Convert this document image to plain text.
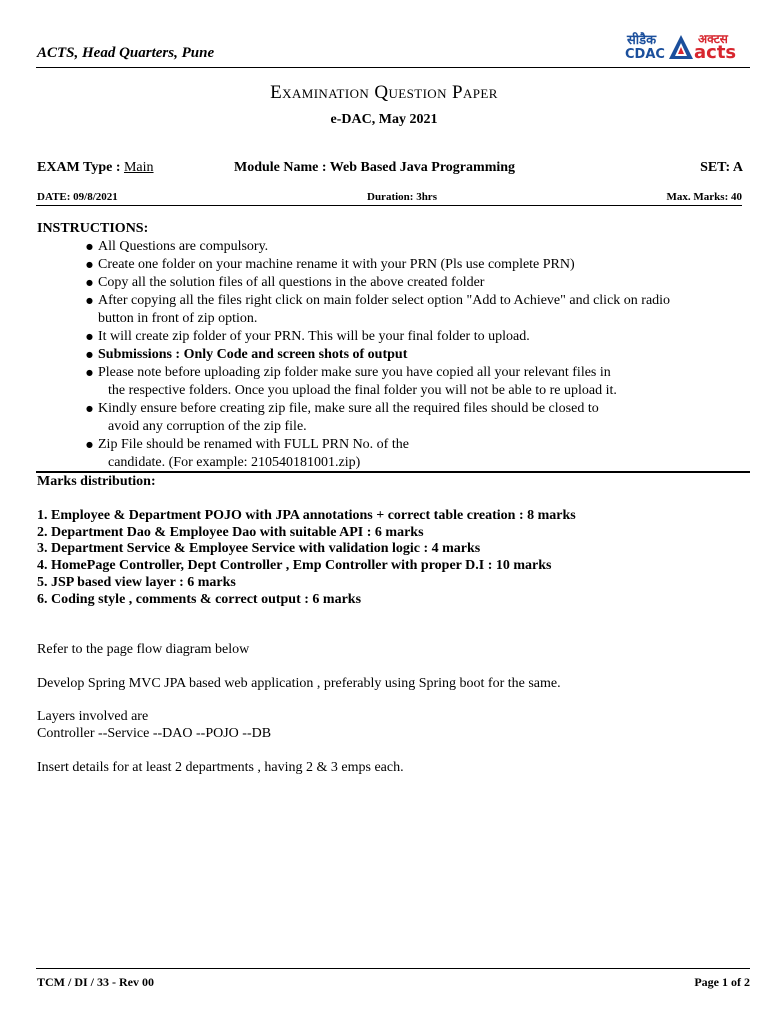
ACTS, Head Quarters, Pune
सीडैक
CDAC
अक्टस
acts
Examination Question Paper
e-DAC, May 2021
EXAM Type : Main	Module Name : Web Based Java Programming	SET: A
DATE: 09/8/2021	Duration: 3hrs	Max. Marks: 40
INSTRUCTIONS:
● All Questions are compulsory.
● Create one folder on your machine rename it with your PRN (Pls use complete PRN)
● Copy all the solution files of all questions in the above created folder
● After copying all the files right click on main folder select option "Add to Achieve" and click on radio
button in front of zip option.
● It will create zip folder of your PRN. This will be your final folder to upload.
● Submissions : Only Code and screen shots of output
● Please note before uploading zip folder make sure you have copied all your relevant files in
the respective folders. Once you upload the final folder you will not be able to re upload it.
● Kindly ensure before creating zip file, make sure all the required files should be closed to
avoid any corruption of the zip file.
● Zip File should be renamed with FULL PRN No. of the
candidate. (For example: 210540181001.zip)
Marks distribution:
1. Employee & Department POJO with JPA annotations + correct table creation : 8 marks
2. Department Dao & Employee Dao with suitable API : 6 marks
3. Department Service & Employee Service with validation logic : 4 marks
4. HomePage Controller, Dept Controller , Emp Controller with proper D.I : 10 marks
5. JSP based view layer : 6 marks
6. Coding style , comments & correct output : 6 marks
Refer to the page flow diagram below
Develop Spring MVC JPA based web application , preferably using Spring boot for the same.
Layers involved are
Controller --Service --DAO --POJO --DB
Insert details for at least 2 departments , having 2 & 3 emps each.
TCM / DI / 33 - Rev 00	Page 1 of 2
